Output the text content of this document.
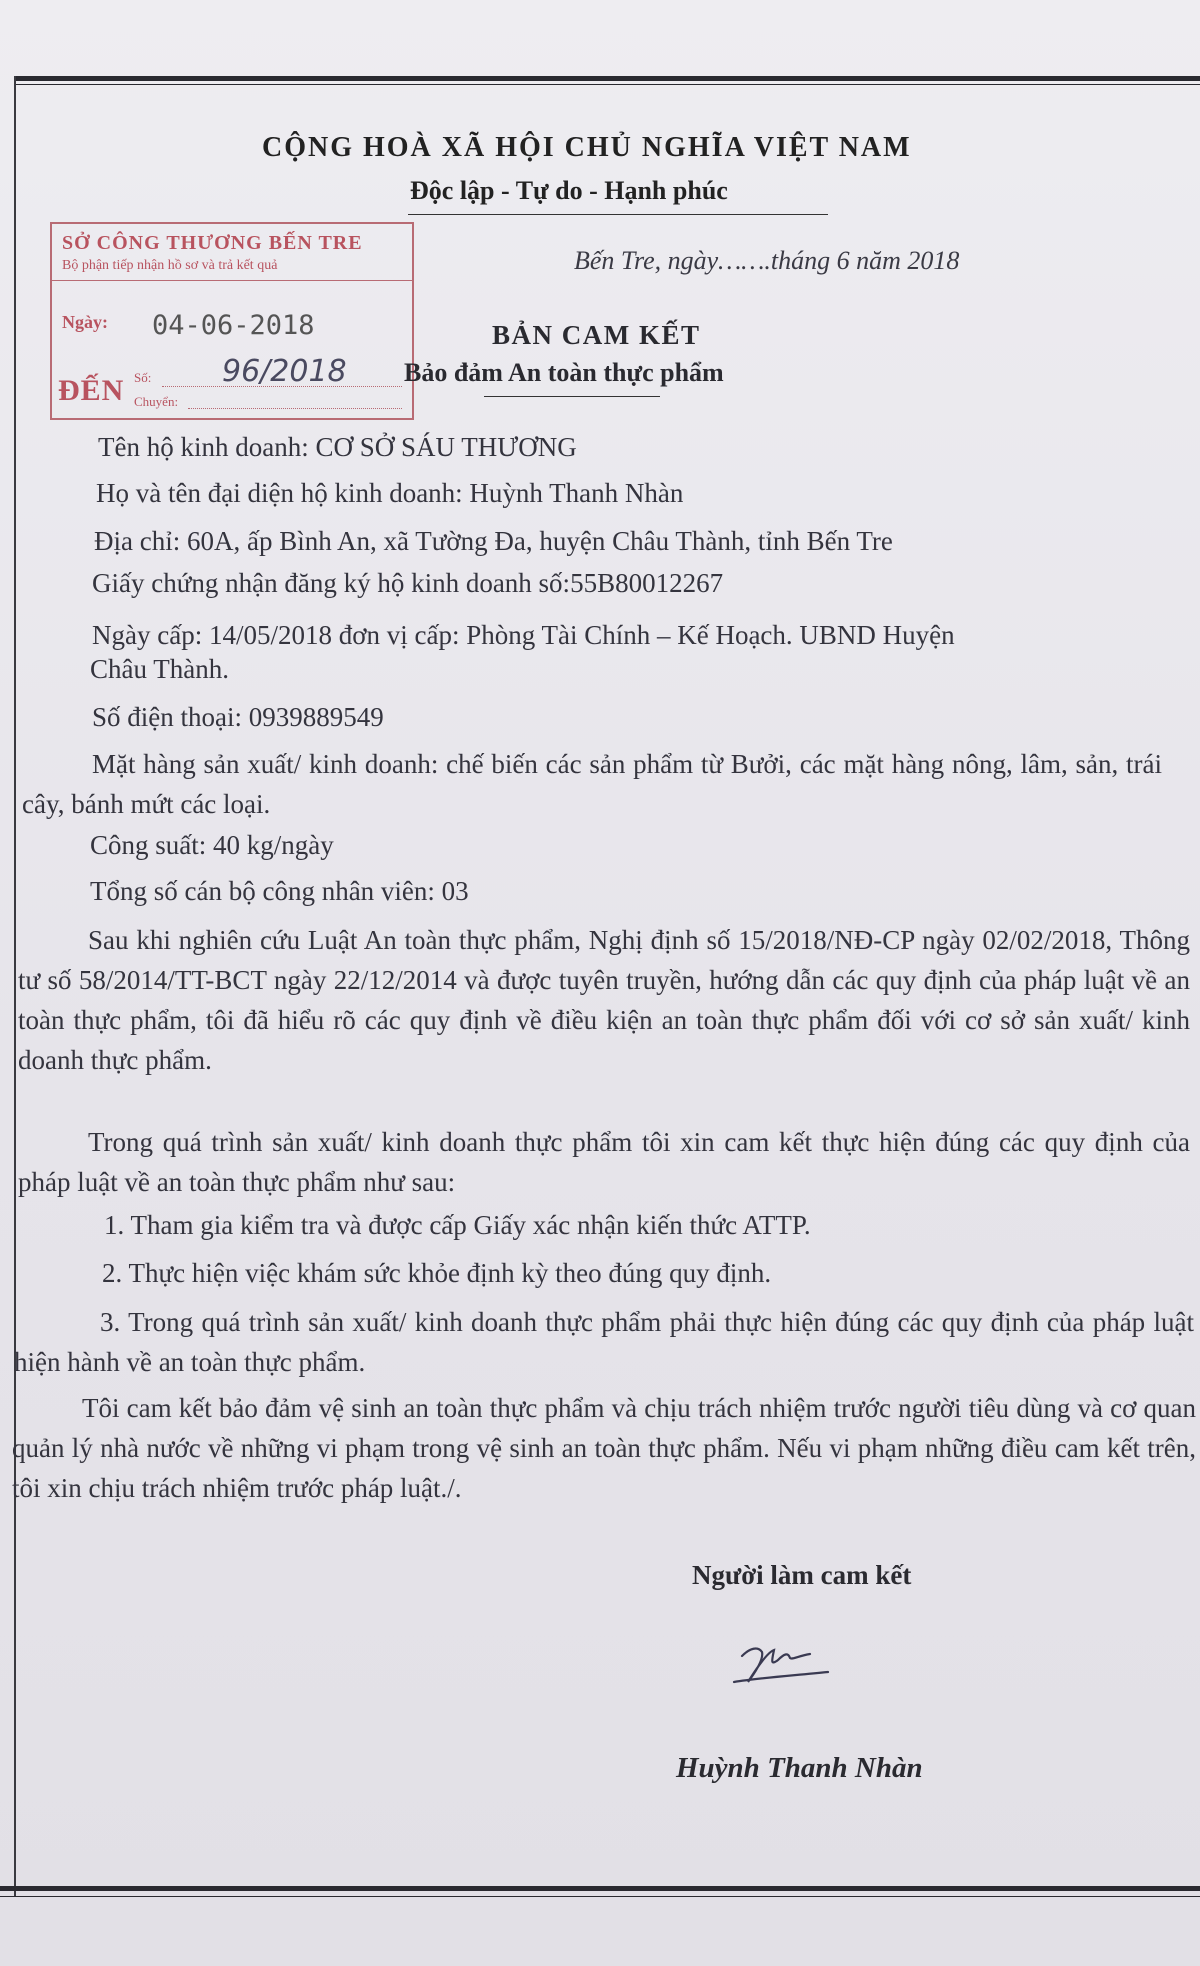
CỘNG HOÀ XÃ HỘI CHỦ NGHĨA VIỆT NAM
Độc lập - Tự do - Hạnh phúc
SỞ CÔNG THƯƠNG BẾN TRE
Bộ phận tiếp nhận hồ sơ và trả kết quả
Ngày: 04-06-2018
ĐẾN Số: 96/2018
Chuyển:
Bến Tre, ngày…….tháng 6 năm 2018
BẢN CAM KẾT
Bảo đảm An toàn thực phẩm
Tên hộ kinh doanh: CƠ SỞ SÁU THƯƠNG
Họ và tên đại diện hộ kinh doanh: Huỳnh Thanh Nhàn
Địa chỉ: 60A, ấp Bình An, xã Tường Đa, huyện Châu Thành, tỉnh Bến Tre
Giấy chứng nhận đăng ký hộ kinh doanh số:55B80012267
Ngày cấp: 14/05/2018 đơn vị cấp: Phòng Tài Chính – Kế Hoạch. UBND Huyện
Châu Thành.
Số điện thoại: 0939889549
Mặt hàng sản xuất/ kinh doanh: chế biến các sản phẩm từ Bưởi, các mặt hàng nông, lâm, sản, trái cây, bánh mứt các loại.
Công suất: 40 kg/ngày
Tổng số cán bộ công nhân viên: 03
Sau khi nghiên cứu Luật An toàn thực phẩm, Nghị định số 15/2018/NĐ-CP ngày 02/02/2018, Thông tư số 58/2014/TT-BCT ngày 22/12/2014 và được tuyên truyền, hướng dẫn các quy định của pháp luật về an toàn thực phẩm, tôi đã hiểu rõ các quy định về điều kiện an toàn thực phẩm đối với cơ sở sản xuất/ kinh doanh thực phẩm.
Trong quá trình sản xuất/ kinh doanh thực phẩm tôi xin cam kết thực hiện đúng các quy định của pháp luật về an toàn thực phẩm như sau:
1. Tham gia kiểm tra và được cấp Giấy xác nhận kiến thức ATTP.
2. Thực hiện việc khám sức khỏe định kỳ theo đúng quy định.
3. Trong quá trình sản xuất/ kinh doanh thực phẩm phải thực hiện đúng các quy định của pháp luật hiện hành về an toàn thực phẩm.
Tôi cam kết bảo đảm vệ sinh an toàn thực phẩm và chịu trách nhiệm trước người tiêu dùng và cơ quan quản lý nhà nước về những vi phạm trong vệ sinh an toàn thực phẩm. Nếu vi phạm những điều cam kết trên, tôi xin chịu trách nhiệm trước pháp luật./.
Người làm cam kết
Huỳnh Thanh Nhàn
